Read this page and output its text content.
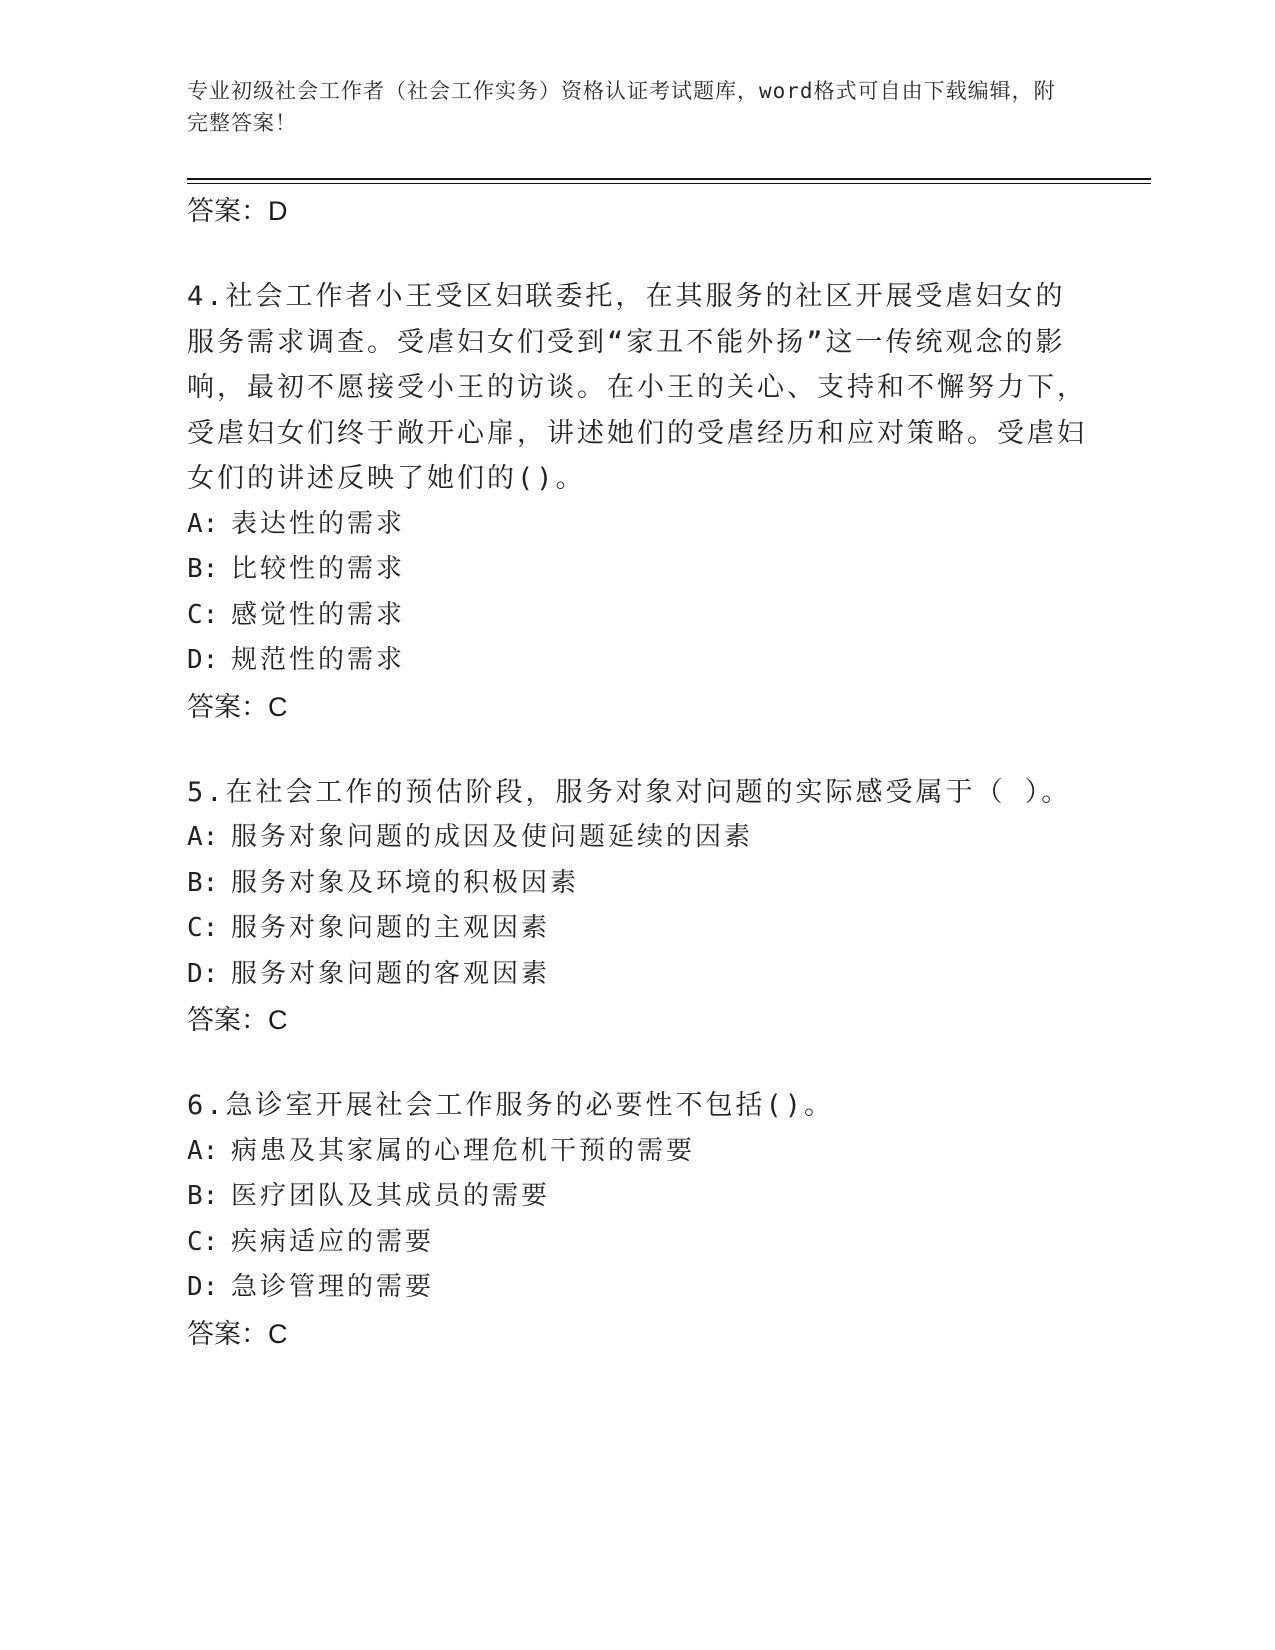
专业初级社会工作者（社会工作实务）资格认证考试题库，word格式可自由下载编辑，附完整答案！
答案：D
4.社会工作者小王受区妇联委托，在其服务的社区开展受虐妇女的服务需求调查。受虐妇女们受到“家丑不能外扬”这一传统观念的影响，最初不愿接受小王的访谈。在小王的关心、支持和不懈努力下，受虐妇女们终于敞开心扉，讲述她们的受虐经历和应对策略。受虐妇女们的讲述反映了她们的()。
A: 表达性的需求
B: 比较性的需求
C: 感觉性的需求
D: 规范性的需求
答案：C
5.在社会工作的预估阶段，服务对象对问题的实际感受属于（ ）。
A: 服务对象问题的成因及使问题延续的因素
B: 服务对象及环境的积极因素
C: 服务对象问题的主观因素
D: 服务对象问题的客观因素
答案：C
6.急诊室开展社会工作服务的必要性不包括()。
A: 病患及其家属的心理危机干预的需要
B: 医疗团队及其成员的需要
C: 疾病适应的需要
D: 急诊管理的需要
答案：C
